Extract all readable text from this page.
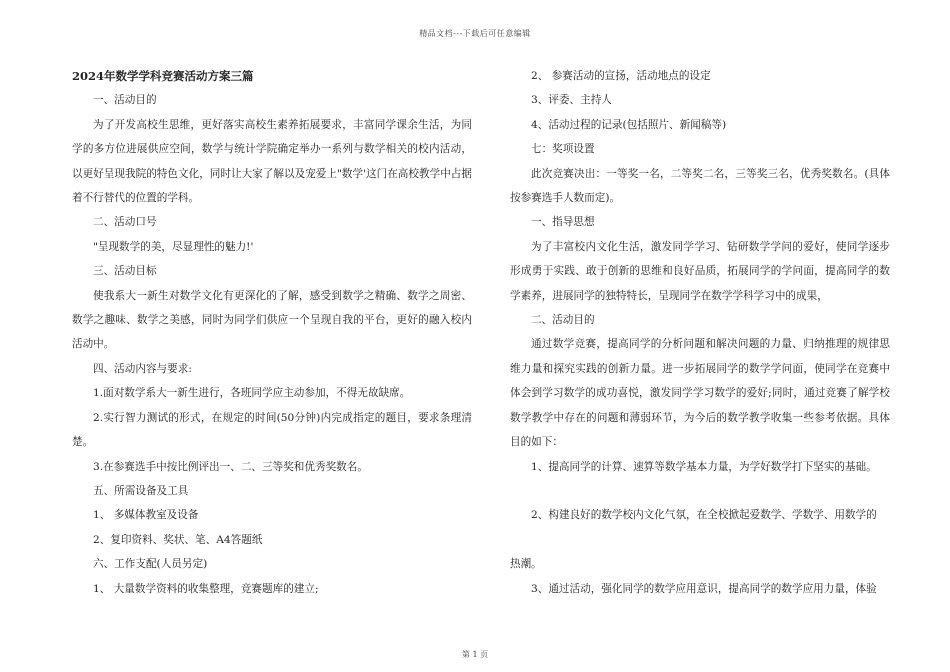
精品文档---下载后可任意编辑

2024年数学学科竞赛活动方案三篇

一、活动目的

为了开发高校生思维，更好落实高校生素养拓展要求，丰富同学课余生活，为同学的多方位进展供应空间，数学与统计学院确定举办一系列与数学相关的校内活动，以更好呈现我院的特色文化，同时让大家了解以及宠爱上"数学'这门在高校教学中占据着不行替代的位置的学科。

二、活动口号

"呈现数学的美，尽显理性的魅力!'

三、活动目标

使我系大一新生对数学文化有更深化的了解，感受到数学之精确、数学之周密、数学之趣味、数学之美感，同时为同学们供应一个呈现自我的平台，更好的融入校内活动中。

四、活动内容与要求:

1.面对数学系大一新生进行，各班同学应主动参加，不得无故缺席。

2.实行智力测试的形式，在规定的时间(50分钟)内完成指定的题目，要求条理清楚。

3.在参赛选手中按比例评出一、二、三等奖和优秀奖数名。

五、所需设备及工具

1、 多媒体教室及设备

2、复印资料、奖状、笔、A4答题纸

六、工作支配(人员另定)

1、 大量数学资料的收集整理，竞赛题库的建立;

2、 参赛活动的宣扬，活动地点的设定

3、评委、主持人

4、活动过程的记录(包括照片、新闻稿等)

七：奖项设置

此次竞赛决出：一等奖一名，二等奖二名，三等奖三名，优秀奖数名。(具体按参赛选手人数而定)。

一、指导思想

为了丰富校内文化生活，激发同学学习、钻研数学学问的爱好，使同学逐步形成勇于实践、敢于创新的思维和良好品质，拓展同学的学问面，提高同学的数学素养，进展同学的独特特长，呈现同学在数学学科学习中的成果，

二、活动目的

通过数学竞赛，提高同学的分析问题和解决问题的力量、归纳推理的规律思维力量和探究实践的创新力量。进一步拓展同学的数学学问面，使同学在竞赛中体会到学习数学的成功喜悦，激发同学学习数学的爱好;同时，通过竞赛了解学校数学教学中存在的问题和薄弱环节，为今后的数学教学收集一些参考依据。具体目的如下：

1、提高同学的计算、速算等数学基本力量，为学好数学打下坚实的基础。

2、构建良好的数学校内文化气氛，在全校掀起爱数学、学数学、用数学的

热潮。

3、通过活动，强化同学的数学应用意识，提高同学的数学应用力量，体验

第 1 页
